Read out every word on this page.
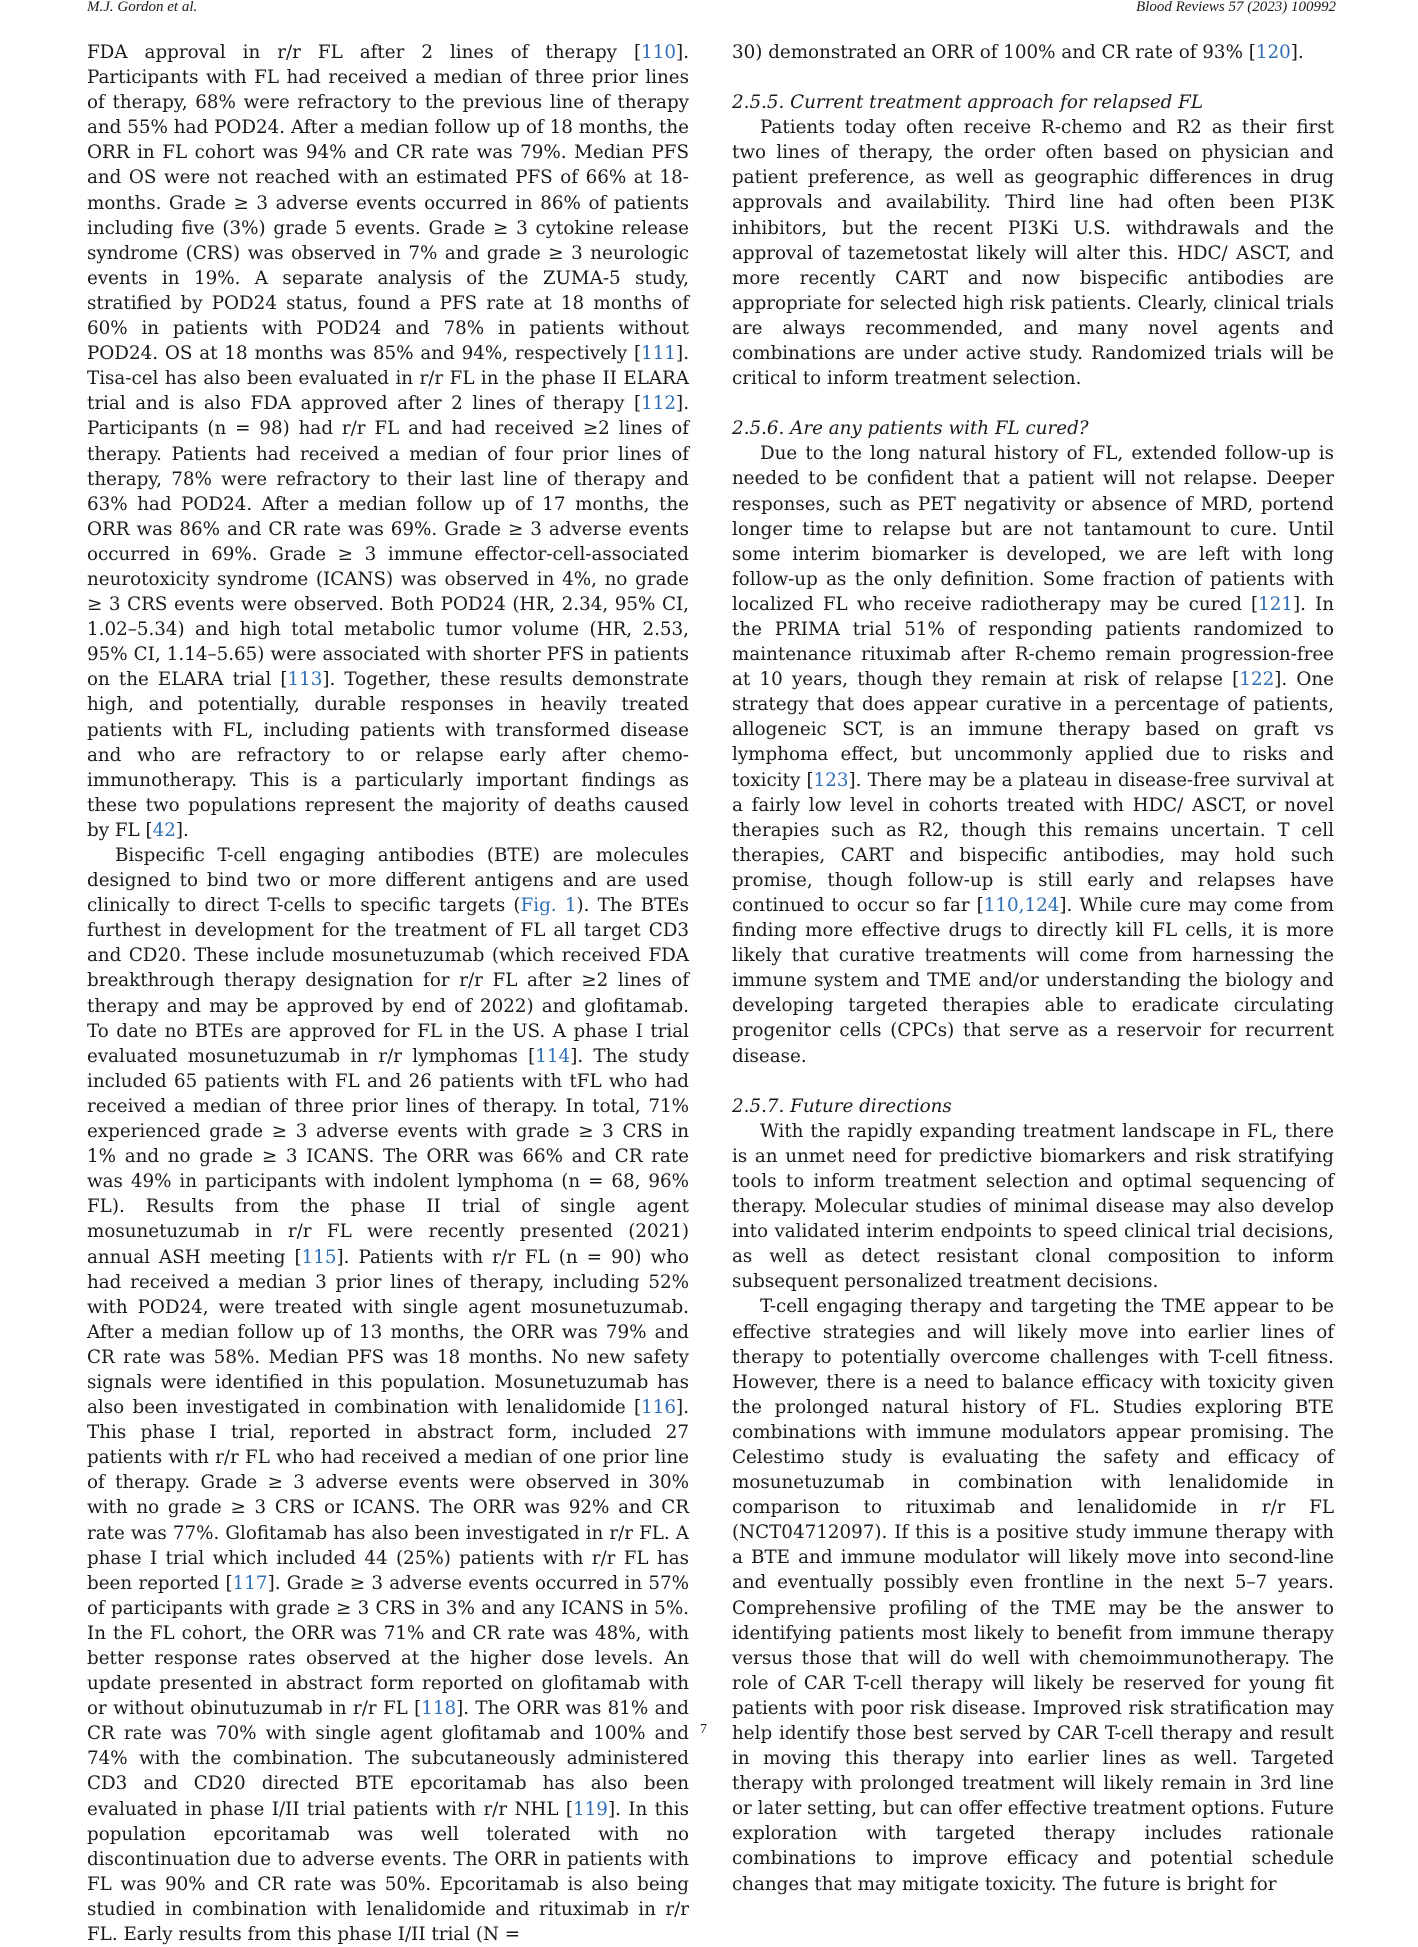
M.J. Gordon et al.	Blood Reviews 57 (2023) 100992

FDA approval in r/r FL after 2 lines of therapy [110]. Participants with FL had received a median of three prior lines of therapy, 68% were refractory to the previous line of therapy and 55% had POD24. After a median follow up of 18 months, the ORR in FL cohort was 94% and CR rate was 79%. Median PFS and OS were not reached with an estimated PFS of 66% at 18-months. Grade ≥ 3 adverse events occurred in 86% of patients including five (3%) grade 5 events. Grade ≥ 3 cytokine release syndrome (CRS) was observed in 7% and grade ≥ 3 neurologic events in 19%. A separate analysis of the ZUMA-5 study, stratified by POD24 status, found a PFS rate at 18 months of 60% in patients with POD24 and 78% in patients without POD24. OS at 18 months was 85% and 94%, respectively [111]. Tisa-cel has also been evaluated in r/r FL in the phase II ELARA trial and is also FDA approved after 2 lines of therapy [112]. Participants (n = 98) had r/r FL and had received ≥2 lines of therapy. Patients had received a median of four prior lines of therapy, 78% were refractory to their last line of therapy and 63% had POD24. After a median follow up of 17 months, the ORR was 86% and CR rate was 69%. Grade ≥ 3 adverse events occurred in 69%. Grade ≥ 3 immune effector-cell-associated neurotoxicity syndrome (ICANS) was observed in 4%, no grade ≥ 3 CRS events were observed. Both POD24 (HR, 2.34, 95% CI, 1.02–5.34) and high total metabolic tumor volume (HR, 2.53, 95% CI, 1.14–5.65) were associated with shorter PFS in patients on the ELARA trial [113]. Together, these results demonstrate high, and potentially, durable responses in heavily treated patients with FL, including patients with transformed disease and who are refractory to or relapse early after chemo-immunotherapy. This is a particularly important findings as these two populations represent the majority of deaths caused by FL [42].

Bispecific T-cell engaging antibodies (BTE) are molecules designed to bind two or more different antigens and are used clinically to direct T-cells to specific targets (Fig. 1). The BTEs furthest in development for the treatment of FL all target CD3 and CD20. These include mosunetuzumab (which received FDA breakthrough therapy designation for r/r FL after ≥2 lines of therapy and may be approved by end of 2022) and glofitamab. To date no BTEs are approved for FL in the US. A phase I trial evaluated mosunetuzumab in r/r lymphomas [114]. The study included 65 patients with FL and 26 patients with tFL who had received a median of three prior lines of therapy. In total, 71% experienced grade ≥ 3 adverse events with grade ≥ 3 CRS in 1% and no grade ≥ 3 ICANS. The ORR was 66% and CR rate was 49% in participants with indolent lymphoma (n = 68, 96% FL). Results from the phase II trial of single agent mosunetuzumab in r/r FL were recently presented (2021) annual ASH meeting [115]. Patients with r/r FL (n = 90) who had received a median 3 prior lines of therapy, including 52% with POD24, were treated with single agent mosunetuzumab. After a median follow up of 13 months, the ORR was 79% and CR rate was 58%. Median PFS was 18 months. No new safety signals were identified in this population. Mosunetuzumab has also been investigated in combination with lenalidomide [116]. This phase I trial, reported in abstract form, included 27 patients with r/r FL who had received a median of one prior line of therapy. Grade ≥ 3 adverse events were observed in 30% with no grade ≥ 3 CRS or ICANS. The ORR was 92% and CR rate was 77%. Glofitamab has also been investigated in r/r FL. A phase I trial which included 44 (25%) patients with r/r FL has been reported [117]. Grade ≥ 3 adverse events occurred in 57% of participants with grade ≥ 3 CRS in 3% and any ICANS in 5%. In the FL cohort, the ORR was 71% and CR rate was 48%, with better response rates observed at the higher dose levels. An update presented in abstract form reported on glofitamab with or without obinutuzumab in r/r FL [118]. The ORR was 81% and CR rate was 70% with single agent glofitamab and 100% and 74% with the combination. The subcutaneously administered CD3 and CD20 directed BTE epcoritamab has also been evaluated in phase I/II trial patients with r/r NHL [119]. In this population epcoritamab was well tolerated with no discontinuation due to adverse events. The ORR in patients with FL was 90% and CR rate was 50%. Epcoritamab is also being studied in combination with lenalidomide and rituximab in r/r FL. Early results from this phase I/II trial (N =

30) demonstrated an ORR of 100% and CR rate of 93% [120].

2.5.5. Current treatment approach for relapsed FL

Patients today often receive R-chemo and R2 as their first two lines of therapy, the order often based on physician and patient preference, as well as geographic differences in drug approvals and availability. Third line had often been PI3K inhibitors, but the recent PI3Ki U.S. withdrawals and the approval of tazemetostat likely will alter this. HDC/ ASCT, and more recently CART and now bispecific antibodies are appropriate for selected high risk patients. Clearly, clinical trials are always recommended, and many novel agents and combinations are under active study. Randomized trials will be critical to inform treatment selection.

2.5.6. Are any patients with FL cured?

Due to the long natural history of FL, extended follow-up is needed to be confident that a patient will not relapse. Deeper responses, such as PET negativity or absence of MRD, portend longer time to relapse but are not tantamount to cure. Until some interim biomarker is developed, we are left with long follow-up as the only definition. Some fraction of patients with localized FL who receive radiotherapy may be cured [121]. In the PRIMA trial 51% of responding patients randomized to maintenance rituximab after R-chemo remain progression-free at 10 years, though they remain at risk of relapse [122]. One strategy that does appear curative in a percentage of patients, allogeneic SCT, is an immune therapy based on graft vs lymphoma effect, but uncommonly applied due to risks and toxicity [123]. There may be a plateau in disease-free survival at a fairly low level in cohorts treated with HDC/ ASCT, or novel therapies such as R2, though this remains uncertain. T cell therapies, CART and bispecific antibodies, may hold such promise, though follow-up is still early and relapses have continued to occur so far [110,124]. While cure may come from finding more effective drugs to directly kill FL cells, it is more likely that curative treatments will come from harnessing the immune system and TME and/or understanding the biology and developing targeted therapies able to eradicate circulating progenitor cells (CPCs) that serve as a reservoir for recurrent disease.

2.5.7. Future directions

With the rapidly expanding treatment landscape in FL, there is an unmet need for predictive biomarkers and risk stratifying tools to inform treatment selection and optimal sequencing of therapy. Molecular studies of minimal disease may also develop into validated interim endpoints to speed clinical trial decisions, as well as detect resistant clonal composition to inform subsequent personalized treatment decisions.

T-cell engaging therapy and targeting the TME appear to be effective strategies and will likely move into earlier lines of therapy to potentially overcome challenges with T-cell fitness. However, there is a need to balance efficacy with toxicity given the prolonged natural history of FL. Studies exploring BTE combinations with immune modulators appear promising. The Celestimo study is evaluating the safety and efficacy of mosunetuzumab in combination with lenalidomide in comparison to rituximab and lenalidomide in r/r FL (NCT04712097). If this is a positive study immune therapy with a BTE and immune modulator will likely move into second-line and eventually possibly even frontline in the next 5–7 years. Comprehensive profiling of the TME may be the answer to identifying patients most likely to benefit from immune therapy versus those that will do well with chemoimmunotherapy. The role of CAR T-cell therapy will likely be reserved for young fit patients with poor risk disease. Improved risk stratification may help identify those best served by CAR T-cell therapy and result in moving this therapy into earlier lines as well. Targeted therapy with prolonged treatment will likely remain in 3rd line or later setting, but can offer effective treatment options. Future exploration with targeted therapy includes rationale combinations to improve efficacy and potential schedule changes that may mitigate toxicity. The future is bright for

7
